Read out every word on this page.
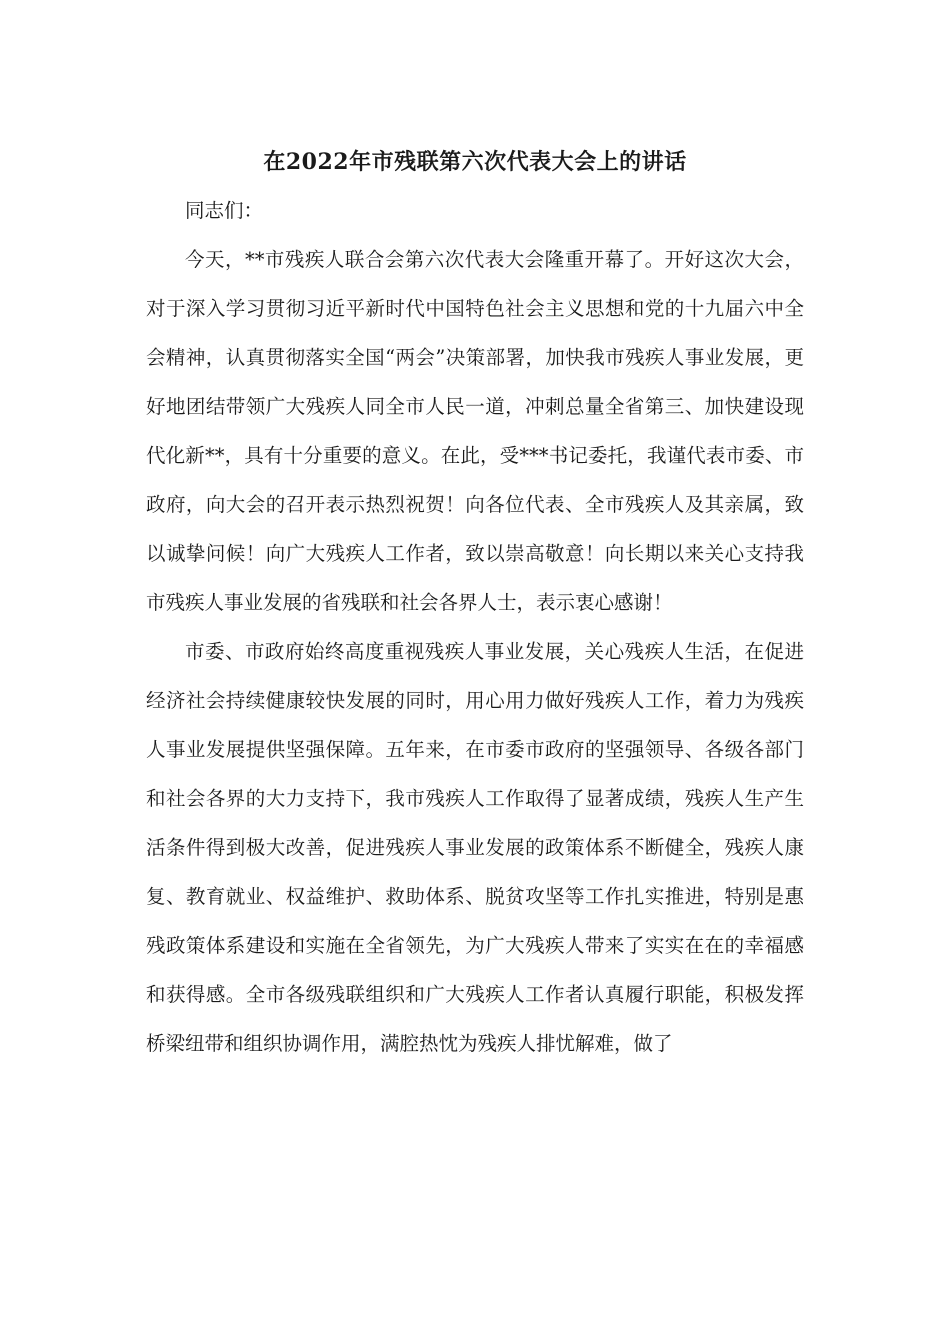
在2022年市残联第六次代表大会上的讲话

同志们：

今天，**市残疾人联合会第六次代表大会隆重开幕了。开好这次大会，对于深入学习贯彻习近平新时代中国特色社会主义思想和党的十九届六中全会精神，认真贯彻落实全国“两会”决策部署，加快我市残疾人事业发展，更好地团结带领广大残疾人同全市人民一道，冲刺总量全省第三、加快建设现代化新**，具有十分重要的意义。在此，受***书记委托，我谨代表市委、市政府，向大会的召开表示热烈祝贺！向各位代表、全市残疾人及其亲属，致以诚挚问候！向广大残疾人工作者，致以崇高敬意！向长期以来关心支持我市残疾人事业发展的省残联和社会各界人士，表示衷心感谢！

市委、市政府始终高度重视残疾人事业发展，关心残疾人生活，在促进经济社会持续健康较快发展的同时，用心用力做好残疾人工作，着力为残疾人事业发展提供坚强保障。五年来，在市委市政府的坚强领导、各级各部门和社会各界的大力支持下，我市残疾人工作取得了显著成绩，残疾人生产生活条件得到极大改善，促进残疾人事业发展的政策体系不断健全，残疾人康复、教育就业、权益维护、救助体系、脱贫攻坚等工作扎实推进，特别是惠残政策体系建设和实施在全省领先，为广大残疾人带来了实实在在的幸福感和获得感。全市各级残联组织和广大残疾人工作者认真履行职能，积极发挥桥梁纽带和组织协调作用，满腔热忱为残疾人排忧解难，做了
